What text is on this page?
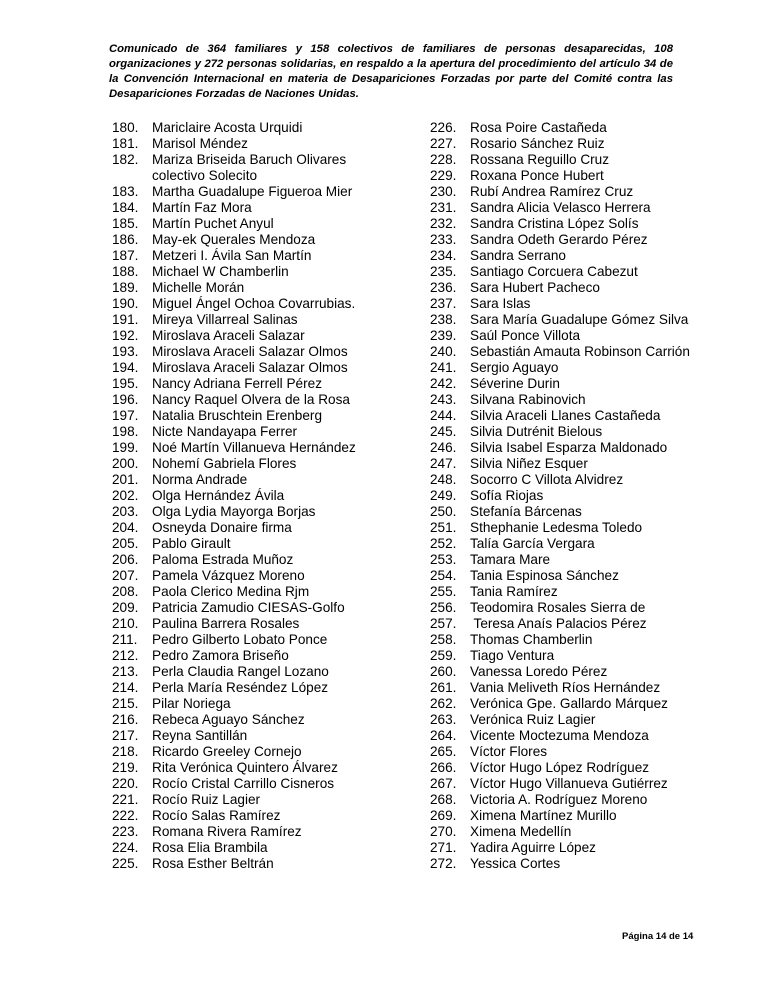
Comunicado de 364 familiares y 158 colectivos de familiares de personas desaparecidas, 108 organizaciones y 272 personas solidarias, en respaldo a la apertura del procedimiento del artículo 34 de la Convención Internacional en materia de Desapariciones Forzadas por parte del Comité contra las Desapariciones Forzadas de Naciones Unidas.
180. Mariclaire Acosta Urquidi
181. Marisol Méndez
182. Mariza Briseida Baruch Olivares
colectivo Solecito
183. Martha Guadalupe Figueroa Mier
184. Martín Faz Mora
185. Martín Puchet Anyul
186. May-ek Querales Mendoza
187. Metzeri I. Ávila San Martín
188. Michael W Chamberlin
189. Michelle Morán
190. Miguel Ángel Ochoa Covarrubias.
191. Mireya Villarreal Salinas
192. Miroslava Araceli Salazar
193. Miroslava Araceli Salazar Olmos
194. Miroslava Araceli Salazar Olmos
195. Nancy Adriana Ferrell Pérez
196. Nancy Raquel Olvera de la Rosa
197. Natalia Bruschtein Erenberg
198. Nicte Nandayapa Ferrer
199. Noé Martín Villanueva Hernández
200. Nohemí Gabriela Flores
201. Norma Andrade
202. Olga Hernández Ávila
203. Olga Lydia Mayorga Borjas
204. Osneyda Donaire firma
205. Pablo Girault
206. Paloma Estrada Muñoz
207. Pamela Vázquez Moreno
208. Paola Clerico Medina Rjm
209. Patricia Zamudio CIESAS-Golfo
210. Paulina Barrera Rosales
211.	Pedro Gilberto Lobato Ponce
212. Pedro Zamora Briseño
213. Perla Claudia Rangel Lozano
214. Perla María Reséndez López
215. Pilar Noriega
216. Rebeca Aguayo Sánchez
217. Reyna Santillán
218. Ricardo Greeley Cornejo
219. Rita Verónica Quintero Álvarez
220. Rocío Cristal Carrillo Cisneros
221. Rocío Ruiz Lagier
222. Rocío Salas Ramírez
223. Romana Rivera Ramírez
224. Rosa Elia Brambila
225. Rosa Esther Beltrán
226. Rosa Poire Castañeda
227. Rosario Sánchez Ruiz
228. Rossana Reguillo Cruz
229. Roxana Ponce Hubert
230. Rubí Andrea Ramírez Cruz
231. Sandra Alicia Velasco Herrera
232. Sandra Cristina López Solís
233. Sandra Odeth Gerardo Pérez
234. Sandra Serrano
235. Santiago Corcuera Cabezut
236. Sara Hubert Pacheco
237. Sara Islas
238. Sara María Guadalupe Gómez Silva
239. Saúl Ponce Villota
240. Sebastián Amauta Robinson Carrión
241. Sergio Aguayo
242. Séverine Durin
243. Silvana Rabinovich
244. Silvia Araceli Llanes Castañeda
245. Silvia Dutrénit Bielous
246. Silvia Isabel Esparza Maldonado
247. Silvia Niñez Esquer
248. Socorro C Villota Alvidrez
249. Sofía Riojas
250. Stefanía Bárcenas
251. Sthephanie Ledesma Toledo
252. Talía García Vergara
253. Tamara Mare
254. Tania Espinosa Sánchez
255. Tania Ramírez
256. Teodomira Rosales Sierra de
257. Teresa Anaís Palacios Pérez
258. Thomas Chamberlin
259. Tiago Ventura
260. Vanessa Loredo Pérez
261. Vania Meliveth Ríos Hernández
262. Verónica Gpe. Gallardo Márquez
263. Verónica Ruiz Lagier
264. Vicente Moctezuma Mendoza
265. Víctor Flores
266. Víctor Hugo López Rodríguez
267. Víctor Hugo Villanueva Gutiérrez
268. Victoria A. Rodríguez Moreno
269. Ximena Martínez Murillo
270. Ximena Medellín
271. Yadira Aguirre López
272. Yessica Cortes
Página 14 de 14
